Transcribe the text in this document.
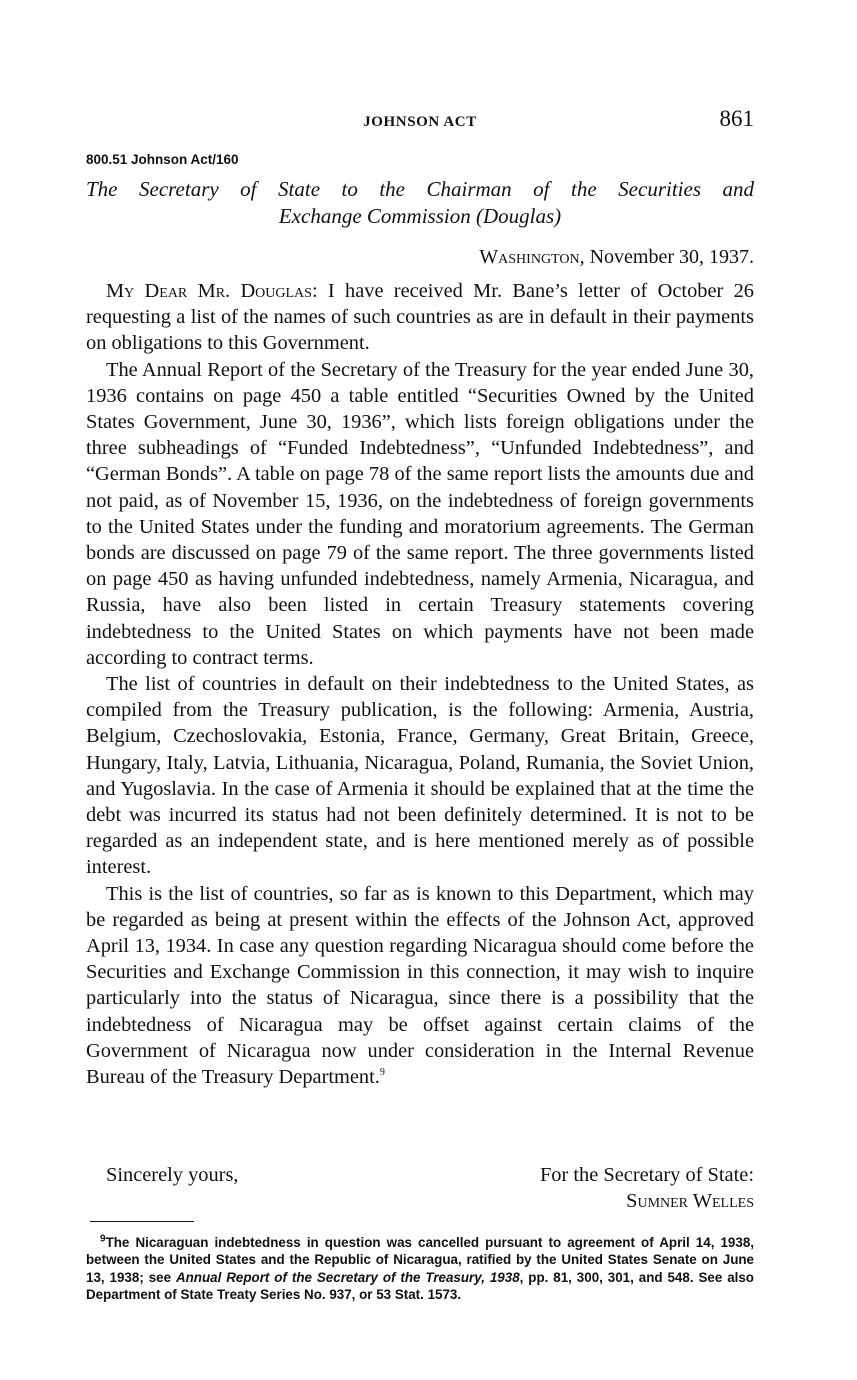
JOHNSON ACT	861
800.51 Johnson Act/160
The Secretary of State to the Chairman of the Securities and
Exchange Commission (Douglas)
Washington, November 30, 1937.

My Dear Mr. Douglas: I have received Mr. Bane’s letter of October 26 requesting a list of the names of such countries as are in default in their payments on obligations to this Government.

The Annual Report of the Secretary of the Treasury for the year ended June 30, 1936 contains on page 450 a table entitled “Securities Owned by the United States Government, June 30, 1936”, which lists foreign obligations under the three subheadings of “Funded Indebtedness”, “Unfunded Indebtedness”, and “German Bonds”. A table on page 78 of the same report lists the amounts due and not paid, as of November 15, 1936, on the indebtedness of foreign governments to the United States under the funding and moratorium agreements. The German bonds are discussed on page 79 of the same report. The three governments listed on page 450 as having unfunded indebtedness, namely Armenia, Nicaragua, and Russia, have also been listed in certain Treasury statements covering indebtedness to the United States on which payments have not been made according to contract terms.

The list of countries in default on their indebtedness to the United States, as compiled from the Treasury publication, is the following: Armenia, Austria, Belgium, Czechoslovakia, Estonia, France, Germany, Great Britain, Greece, Hungary, Italy, Latvia, Lithuania, Nicaragua, Poland, Rumania, the Soviet Union, and Yugoslavia. In the case of Armenia it should be explained that at the time the debt was incurred its status had not been definitely determined. It is not to be regarded as an independent state, and is here mentioned merely as of possible interest.

This is the list of countries, so far as is known to this Department, which may be regarded as being at present within the effects of the Johnson Act, approved April 13, 1934. In case any question regarding Nicaragua should come before the Securities and Exchange Commission in this connection, it may wish to inquire particularly into the status of Nicaragua, since there is a possibility that the indebtedness of Nicaragua may be offset against certain claims of the Government of Nicaragua now under consideration in the Internal Revenue Bureau of the Treasury Department.$^9$

Sincerely yours,	For the Secretary of State:
Sumner Welles
$^9$The Nicaraguan indebtedness in question was cancelled pursuant to agreement of April 14, 1938, between the United States and the Republic of Nicaragua, ratified by the United States Senate on June 13, 1938; see Annual Report of the Secretary of the Treasury, 1938, pp. 81, 300, 301, and 548. See also Department of State Treaty Series No. 937, or 53 Stat. 1573.
